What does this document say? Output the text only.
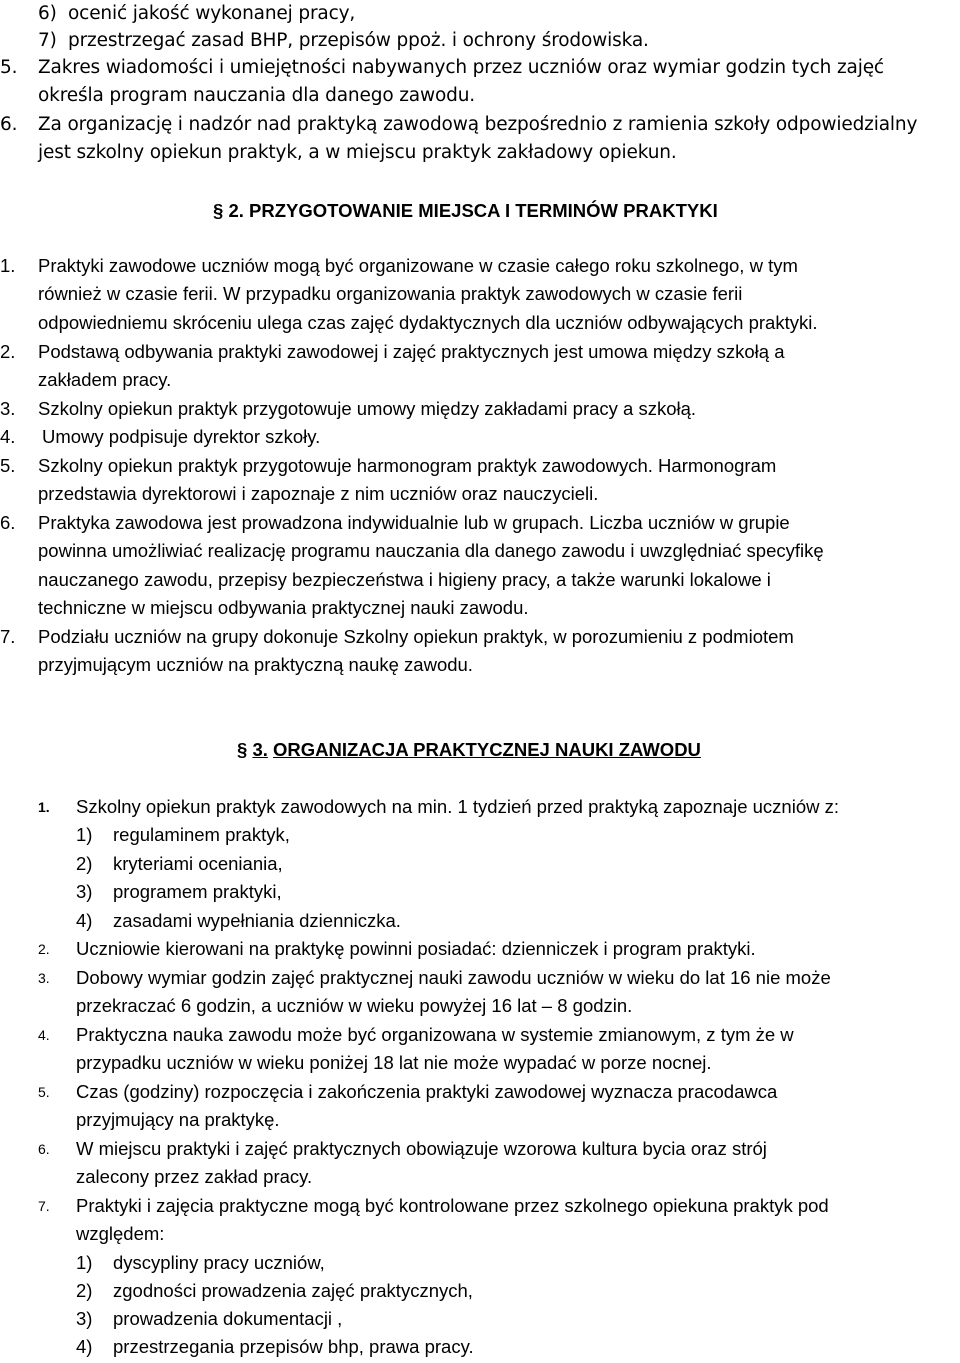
6) ocenić jakość wykonanej pracy,
7) przestrzegać zasad BHP, przepisów ppoż. i ochrony środowiska.
5. Zakres wiadomości i umiejętności nabywanych przez uczniów oraz wymiar godzin tych zajęć
określa program nauczania dla danego zawodu.
6. Za organizację i nadzór nad praktyką zawodową bezpośrednio z ramienia szkoły odpowiedzialny
jest szkolny opiekun praktyk, a w miejscu praktyk zakładowy opiekun.
§ 2. PRZYGOTOWANIE MIEJSCA I TERMINÓW PRAKTYKI
1. Praktyki zawodowe uczniów mogą być organizowane w czasie całego roku szkolnego, w tym
również w czasie ferii. W przypadku organizowania praktyk zawodowych w czasie ferii
odpowiedniemu skróceniu ulega czas zajęć dydaktycznych dla uczniów odbywających praktyki.
2. Podstawą odbywania praktyki zawodowej i zajęć praktycznych jest umowa między szkołą a
zakładem pracy.
3. Szkolny opiekun praktyk przygotowuje umowy między zakładami pracy a szkołą.
4. Umowy podpisuje dyrektor szkoły.
5. Szkolny opiekun praktyk przygotowuje harmonogram praktyk zawodowych. Harmonogram
przedstawia dyrektorowi i zapoznaje z nim uczniów oraz nauczycieli.
6. Praktyka zawodowa jest prowadzona indywidualnie lub w grupach. Liczba uczniów w grupie
powinna umożliwiać realizację programu nauczania dla danego zawodu i uwzględniać specyfikę
nauczanego zawodu, przepisy bezpieczeństwa i higieny pracy, a także warunki lokalowe i
techniczne w miejscu odbywania praktycznej nauki zawodu.
7. Podziału uczniów na grupy dokonuje Szkolny opiekun praktyk, w porozumieniu z podmiotem
przyjmującym uczniów na praktyczną naukę zawodu.
§ 3. ORGANIZACJA PRAKTYCZNEJ NAUKI ZAWODU
1. Szkolny opiekun praktyk zawodowych na min. 1 tydzień przed praktyką zapoznaje uczniów z:
1) regulaminem praktyk,
2) kryteriami oceniania,
3) programem praktyki,
4) zasadami wypełniania dzienniczka.
2. Uczniowie kierowani na praktykę powinni posiadać: dzienniczek i program praktyki.
3. Dobowy wymiar godzin zajęć praktycznej nauki zawodu uczniów w wieku do lat 16 nie może
przekraczać 6 godzin, a uczniów w wieku powyżej 16 lat – 8 godzin.
4. Praktyczna nauka zawodu może być organizowana w systemie zmianowym, z tym że w
przypadku uczniów w wieku poniżej 18 lat nie może wypadać w porze nocnej.
5. Czas (godziny) rozpoczęcia i zakończenia praktyki zawodowej wyznacza pracodawca
przyjmujący na praktykę.
6. W miejscu praktyki i zajęć praktycznych obowiązuje wzorowa kultura bycia oraz strój
zalecony przez zakład pracy.
7. Praktyki i zajęcia praktyczne mogą być kontrolowane przez szkolnego opiekuna praktyk pod
względem:
1) dyscypliny pracy uczniów,
2) zgodności prowadzenia zajęć praktycznych,
3) prowadzenia dokumentacji ,
4) przestrzegania przepisów bhp, prawa pracy.
